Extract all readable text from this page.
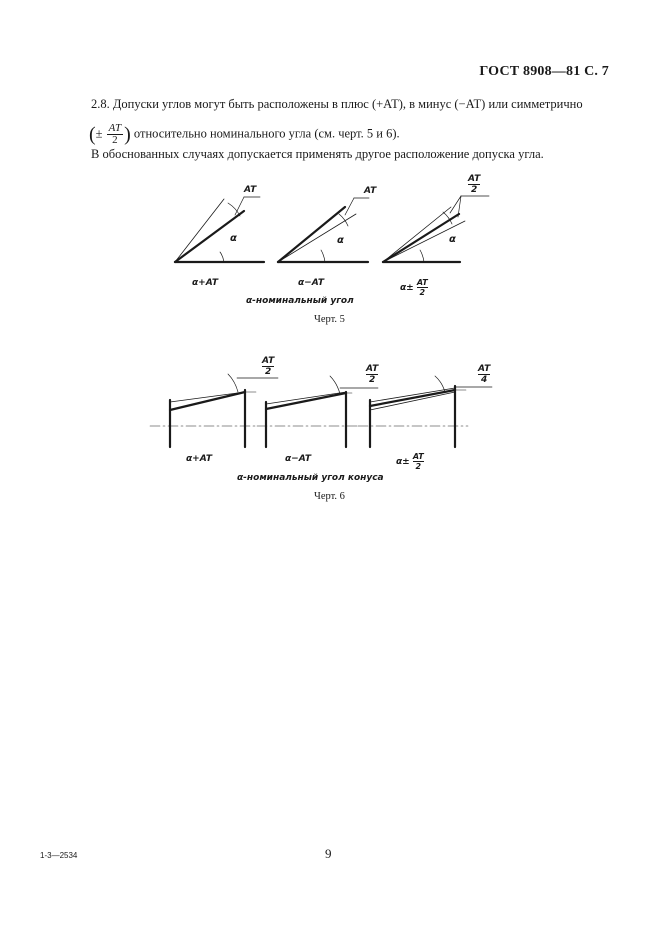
ГОСТ 8908—81 С. 7
2.8. Допуски углов могут быть расположены в плюс (+АТ), в минус (−АТ) или симметрично
(± $\frac{AT}{2}$ ) относительно номинального угла (см. черт. 5 и 6).
В обоснованных случаях допускается применять другое расположение допуска угла.
AT	AT
AT
2
α	α	α
α+AT	α−AT	$\alpha\pm \frac{AT}{2}$
α-номинальный угол
Черт. 5
AT
2	AT
2
AT
4
α+AT	α−AT	$\alpha\pm \frac{AT}{2}$
α-номинальный угол конуса
Черт. 6
1-3—2534	9
